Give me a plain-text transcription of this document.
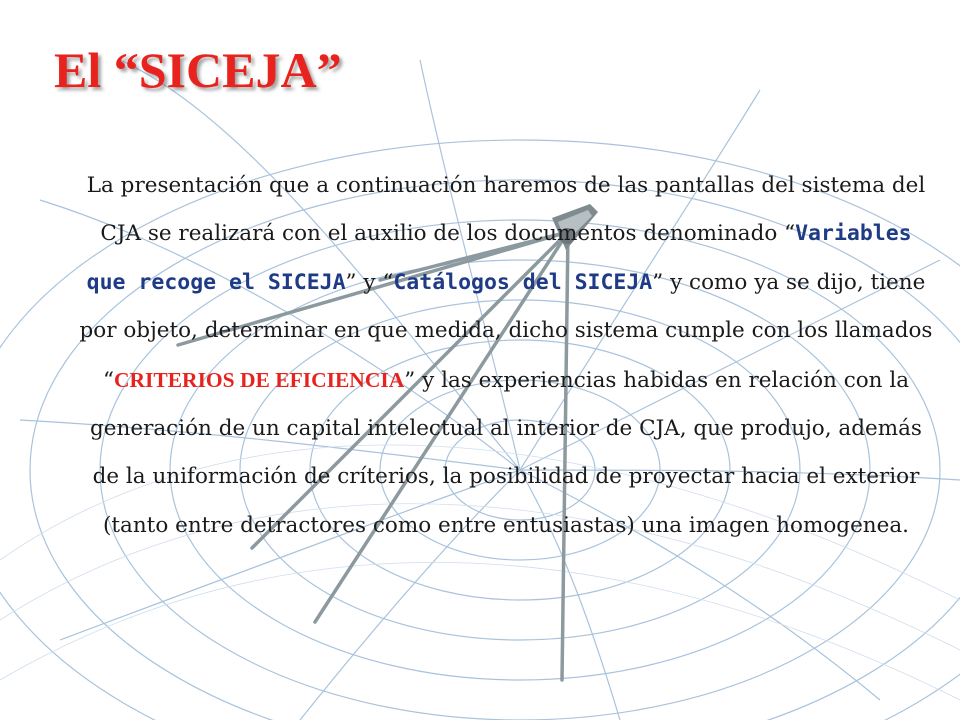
El “SICEJA”

La presentación que a continuación haremos de las pantallas del sistema del CJA se realizará con el auxilio de los documentos denominado “Variables que recoge el SICEJA” y “Catálogos del SICEJA” y como ya se dijo, tiene por objeto, determinar en que medida, dicho sistema cumple con los llamados “CRITERIOS DE EFICIENCIA” y las experiencias habidas en relación con la generación de un capital intelectual al interior de CJA, que produjo, además de la uniformación de críterios, la posibilidad de proyectar hacia el exterior (tanto entre detractores como entre entusiastas) una imagen homogenea.
